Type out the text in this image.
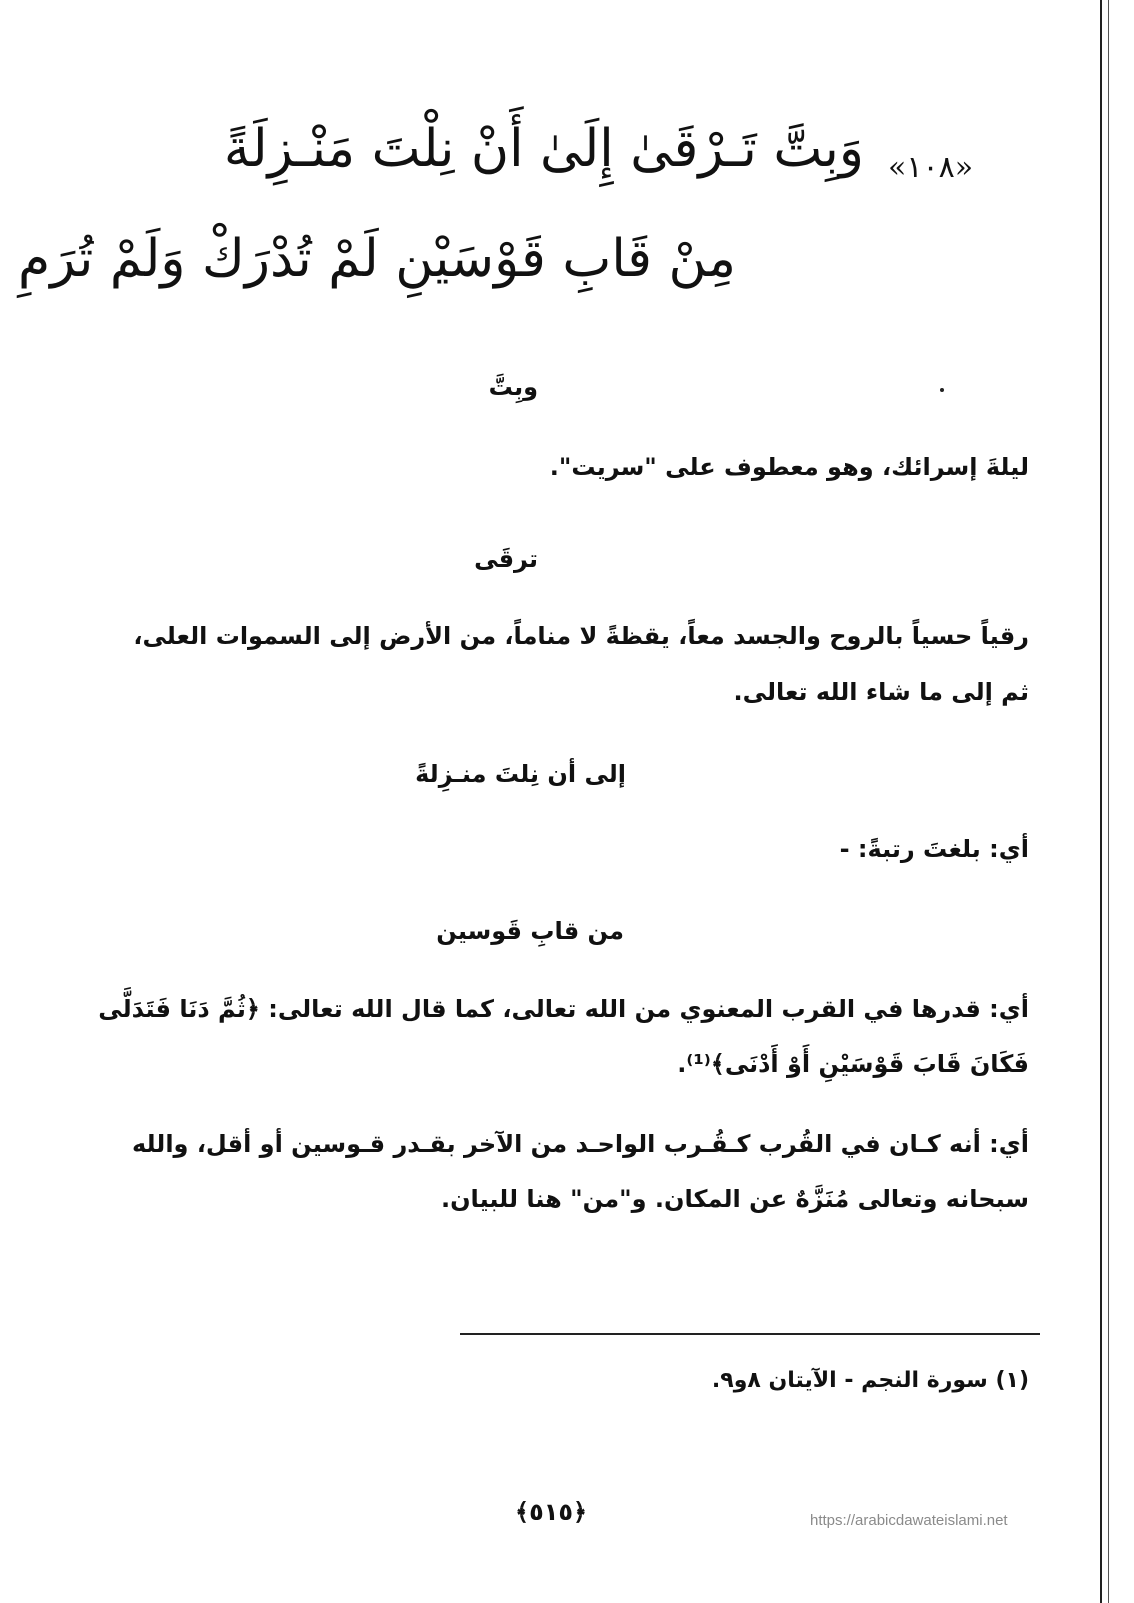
«١٠٨»
وَبِتَّ تَـرْقَىٰ إِلَىٰ أَنْ نِلْتَ مَنْـزِلَةً
مِنْ قَابِ قَوْسَيْنِ لَمْ تُدْرَكْ وَلَمْ تُرَمِ
وبِتَّ
ليلةَ إسرائك، وهو معطوف على "سريت".
ترقَى
رقياً حسياً بالروح والجسد معاً، يقظةً لا مناماً، من الأرض إلى السموات العلى،
ثم إلى ما شاء الله تعالى.
إلى أن نِلتَ منـزِلةً
أي: بلغتَ رتبةً: -
من قابِ قَوسين
أي: قدرها في القرب المعنوي من الله تعالى، كما قال الله تعالى: ﴿ثُمَّ دَنَا فَتَدَلَّى
فَكَانَ قَابَ قَوْسَيْنِ أَوْ أَدْنَى﴾⁽¹⁾.
أي: أنه كـان في القُرب كـقُـرب الواحـد من الآخر بقـدر قـوسين أو أقل، والله
سبحانه وتعالى مُنَزَّهٌ عن المكان. و"من" هنا للبيان.
(١) سورة النجم - الآيتان ٨و٩.
﴿٥١٥﴾	https://arabicdawateislami.net
